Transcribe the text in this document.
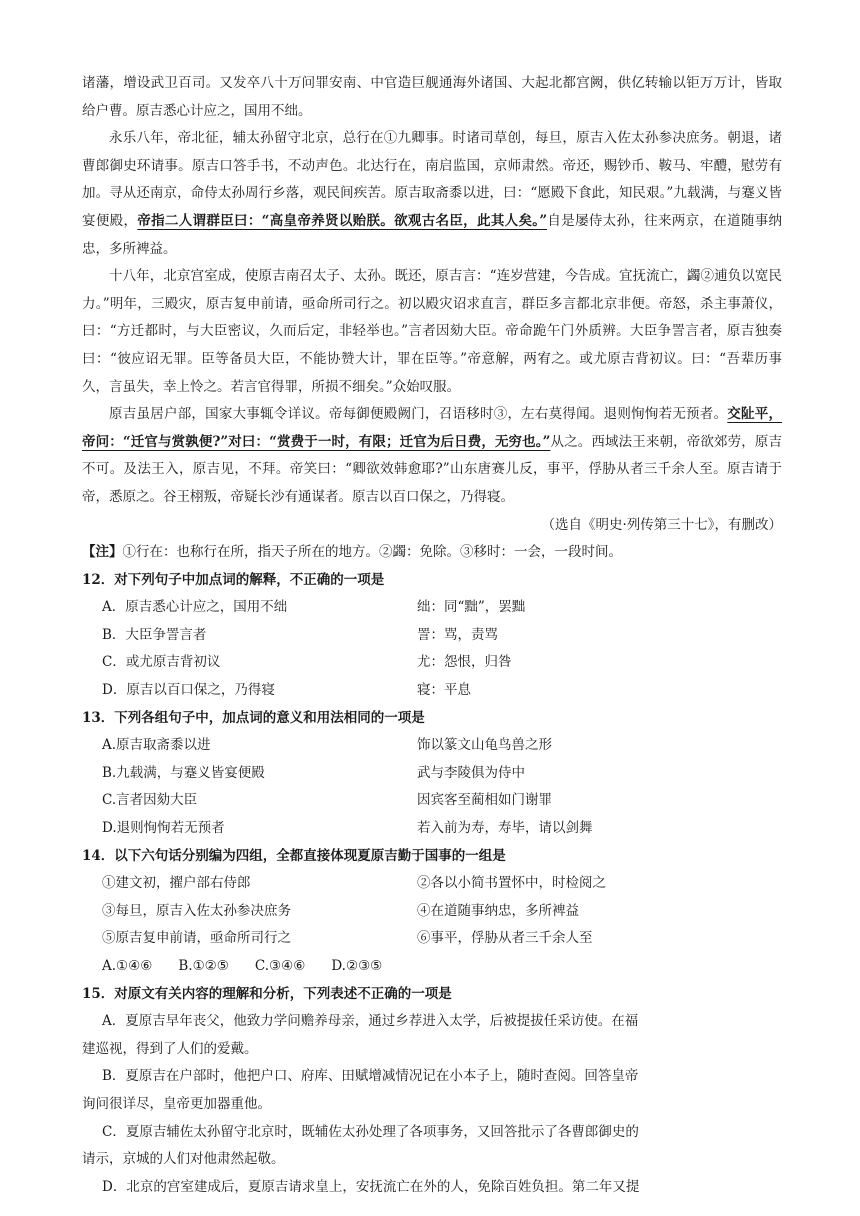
诸藩，增设武卫百司。又发卒八十万问罪安南、中官造巨舰通海外诸国、大起北都宫阙，供亿转输以钜万万计，皆取给户曹。原吉悉心计应之，国用不绌。

永乐八年，帝北征，辅太孙留守北京，总行在①九卿事。时诸司草创，每旦，原吉入佐太孙参决庶务。朝退，诸曹郎御史环请事。原吉口答手书，不动声色。北达行在，南启监国，京师肃然。帝还，赐钞币、鞍马、牢醴，慰劳有加。寻从还南京，命侍太孙周行乡落，观民间疾苦。原吉取斋黍以进，曰：“愿殿下食此，知民艰。”九载满，与蹇义皆宴便殿，帝指二人谓群臣曰：“高皇帝养贤以贻朕。欲观古名臣，此其人矣。”自是屡侍太孙，往来两京，在道随事纳忠，多所裨益。

十八年，北京宫室成，使原吉南召太子、太孙。既还，原吉言：“连岁营建，今告成。宜抚流亡，蠲②逋负以宽民力。”明年，三殿灾，原吉复申前请，亟命所司行之。初以殿灾诏求直言，群臣多言都北京非便。帝怒，杀主事萧仪，曰：“方迁都时，与大臣密议，久而后定，非轻举也。”言者因劾大臣。帝命跪午门外质辨。大臣争詈言者，原吉独奏曰：“彼应诏无罪。臣等备员大臣，不能协赞大计，罪在臣等。”帝意解，两宥之。或尤原吉背初议。曰：“吾辈历事久，言虽失，幸上怜之。若言官得罪，所损不细矣。”众始叹服。

原吉虽居户部，国家大事辄令详议。帝每御便殿阙门，召语移时③，左右莫得闻。退则恂恂若无预者。交阯平，帝问：“迁官与赏孰便?”对曰：“赏费于一时，有限；迁官为后日费，无穷也。”从之。西域法王来朝，帝欲郊劳，原吉不可。及法王入，原吉见，不拜。帝笑曰：“卿欲效韩愈耶?”山东唐赛儿反，事平，俘胁从者三千余人至。原吉请于帝，悉原之。谷王栩叛，帝疑长沙有通谋者。原吉以百口保之，乃得寝。

（选自《明史·列传第三十七》，有删改）
【注】①行在：也称行在所，指天子所在的地方。②蠲：免除。③移时：一会，一段时间。
12．对下列句子中加点词的解释，不正确的一项是
A．原吉悉心计应之，国用不绌	绌：同“黜”，罢黜
B．大臣争詈言者	詈：骂，责骂
C．或尤原吉背初议	尤：怨恨，归咎
D．原吉以百口保之，乃得寝	寝：平息
13．下列各组句子中，加点词的意义和用法相同的一项是
A.原吉取斋黍以进	饰以篆文山龟鸟兽之形
B.九载满，与蹇义皆宴便殿	武与李陵俱为侍中
C.言者因劾大臣	因宾客至蔺相如门谢罪
D.退则恂恂若无预者	若入前为寿，寿毕，请以剑舞
14．以下六句话分别编为四组，全都直接体现夏原吉勤于国事的一组是
①建文初，擢户部右侍郎	②各以小简书置怀中，时检阅之
③每旦，原吉入佐太孙参决庶务	④在道随事纳忠，多所裨益
⑤原吉复申前请，亟命所司行之	⑥事平，俘胁从者三千余人至
A.①④⑥ B.①②⑤ C.③④⑥ D.②③⑤
15．对原文有关内容的理解和分析，下列表述不正确的一项是
A．夏原吉早年丧父，他致力学问赡养母亲，通过乡荐进入太学，后被提拔任采访使。在福
建巡视，得到了人们的爱戴。
B．夏原吉在户部时，他把户口、府库、田赋增减情况记在小本子上，随时查阅。回答皇帝
询问很详尽，皇帝更加器重他。
C．夏原吉辅佐太孙留守北京时，既辅佐太孙处理了各项事务，又回答批示了各曹郎御史的
请示，京城的人们对他肃然起敬。
D．北京的宫室建成后，夏原吉请求皇上，安抚流亡在外的人，免除百姓负担。第二年又提
